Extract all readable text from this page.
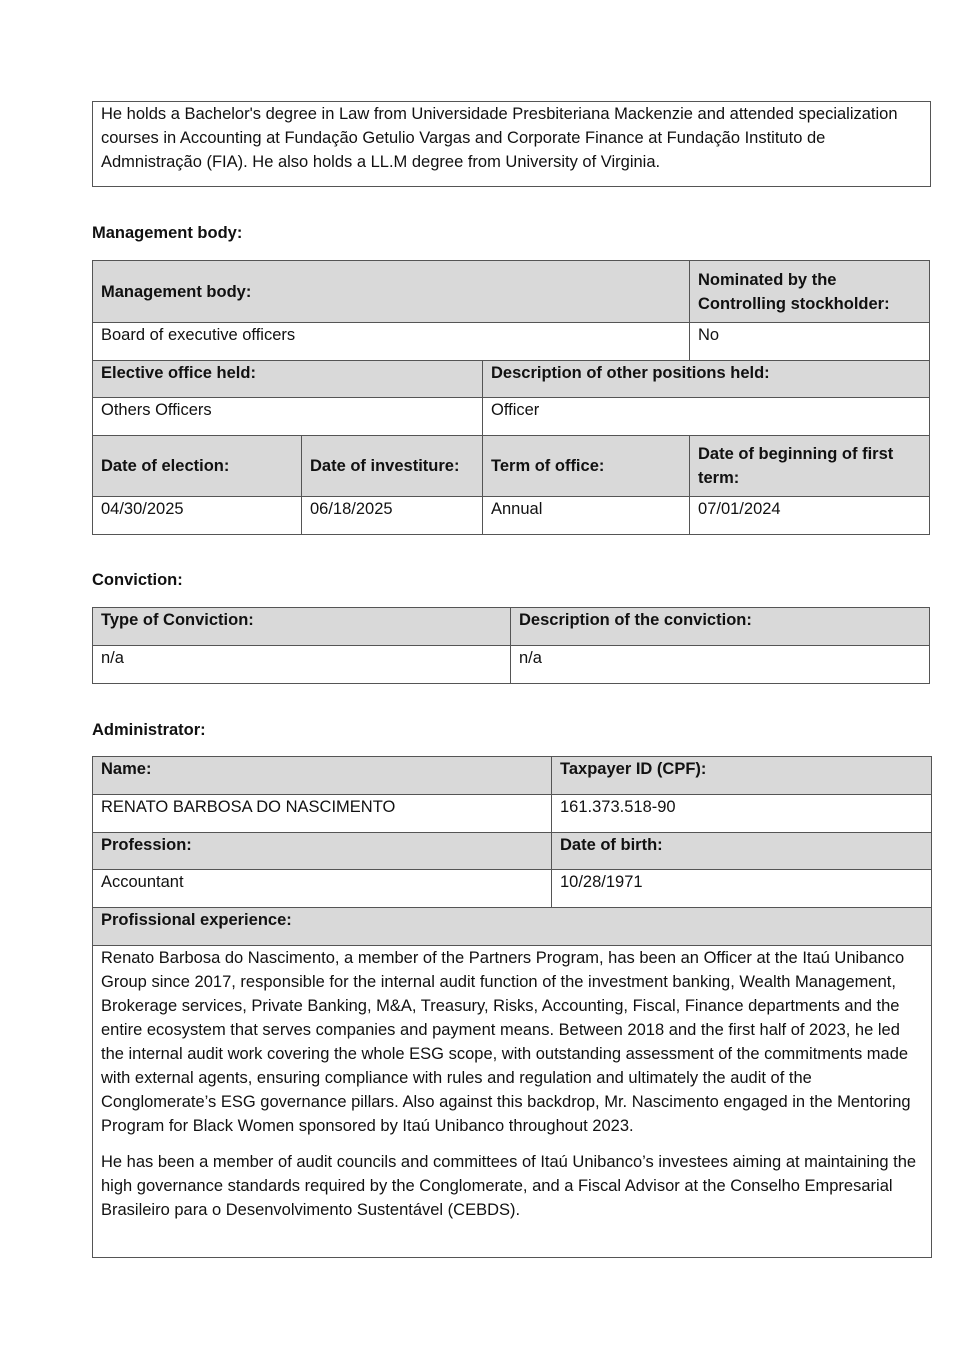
He holds a Bachelor's degree in Law from Universidade Presbiteriana Mackenzie and attended specialization courses in Accounting at Fundação Getulio Vargas and Corporate Finance at Fundação Instituto de Admnistração (FIA). He also holds a LL.M degree from University of Virginia.

Management body:
Management body:			Nominated by the Controlling stockholder:
Board of executive officers			No
Elective office held:		Description of other positions held:	
Others Officers		Officer	
Date of election:	Date of investiture:	Term of office:	Date of beginning of first term:
04/30/2025	06/18/2025	Annual	07/01/2024
Conviction:
Type of Conviction:	Description of the conviction:
n/a	n/a
Administrator:
Name:	Taxpayer ID (CPF):
RENATO BARBOSA DO NASCIMENTO	161.373.518-90
Profession:	Date of birth:
Accountant	10/28/1971
Profissional experience:	

Renato Barbosa do Nascimento, a member of the Partners Program, has been an Officer at the Itaú Unibanco Group since 2017, responsible for the internal audit function of the investment banking, Wealth Management, Brokerage services, Private Banking, M&A, Treasury, Risks, Accounting, Fiscal, Finance departments and the entire ecosystem that serves companies and payment means. Between 2018 and the first half of 2023, he led the internal audit work covering the whole ESG scope, with outstanding assessment of the commitments made with external agents, ensuring compliance with rules and regulation and ultimately the audit of the Conglomerate’s ESG governance pillars. Also against this backdrop, Mr. Nascimento engaged in the Mentoring Program for Black Women sponsored by Itaú Unibanco throughout 2023.

He has been a member of audit councils and committees of Itaú Unibanco’s investees aiming at maintaining the high governance standards required by the Conglomerate, and a Fiscal Advisor at the Conselho Empresarial Brasileiro para o Desenvolvimento Sustentável (CEBDS).	
